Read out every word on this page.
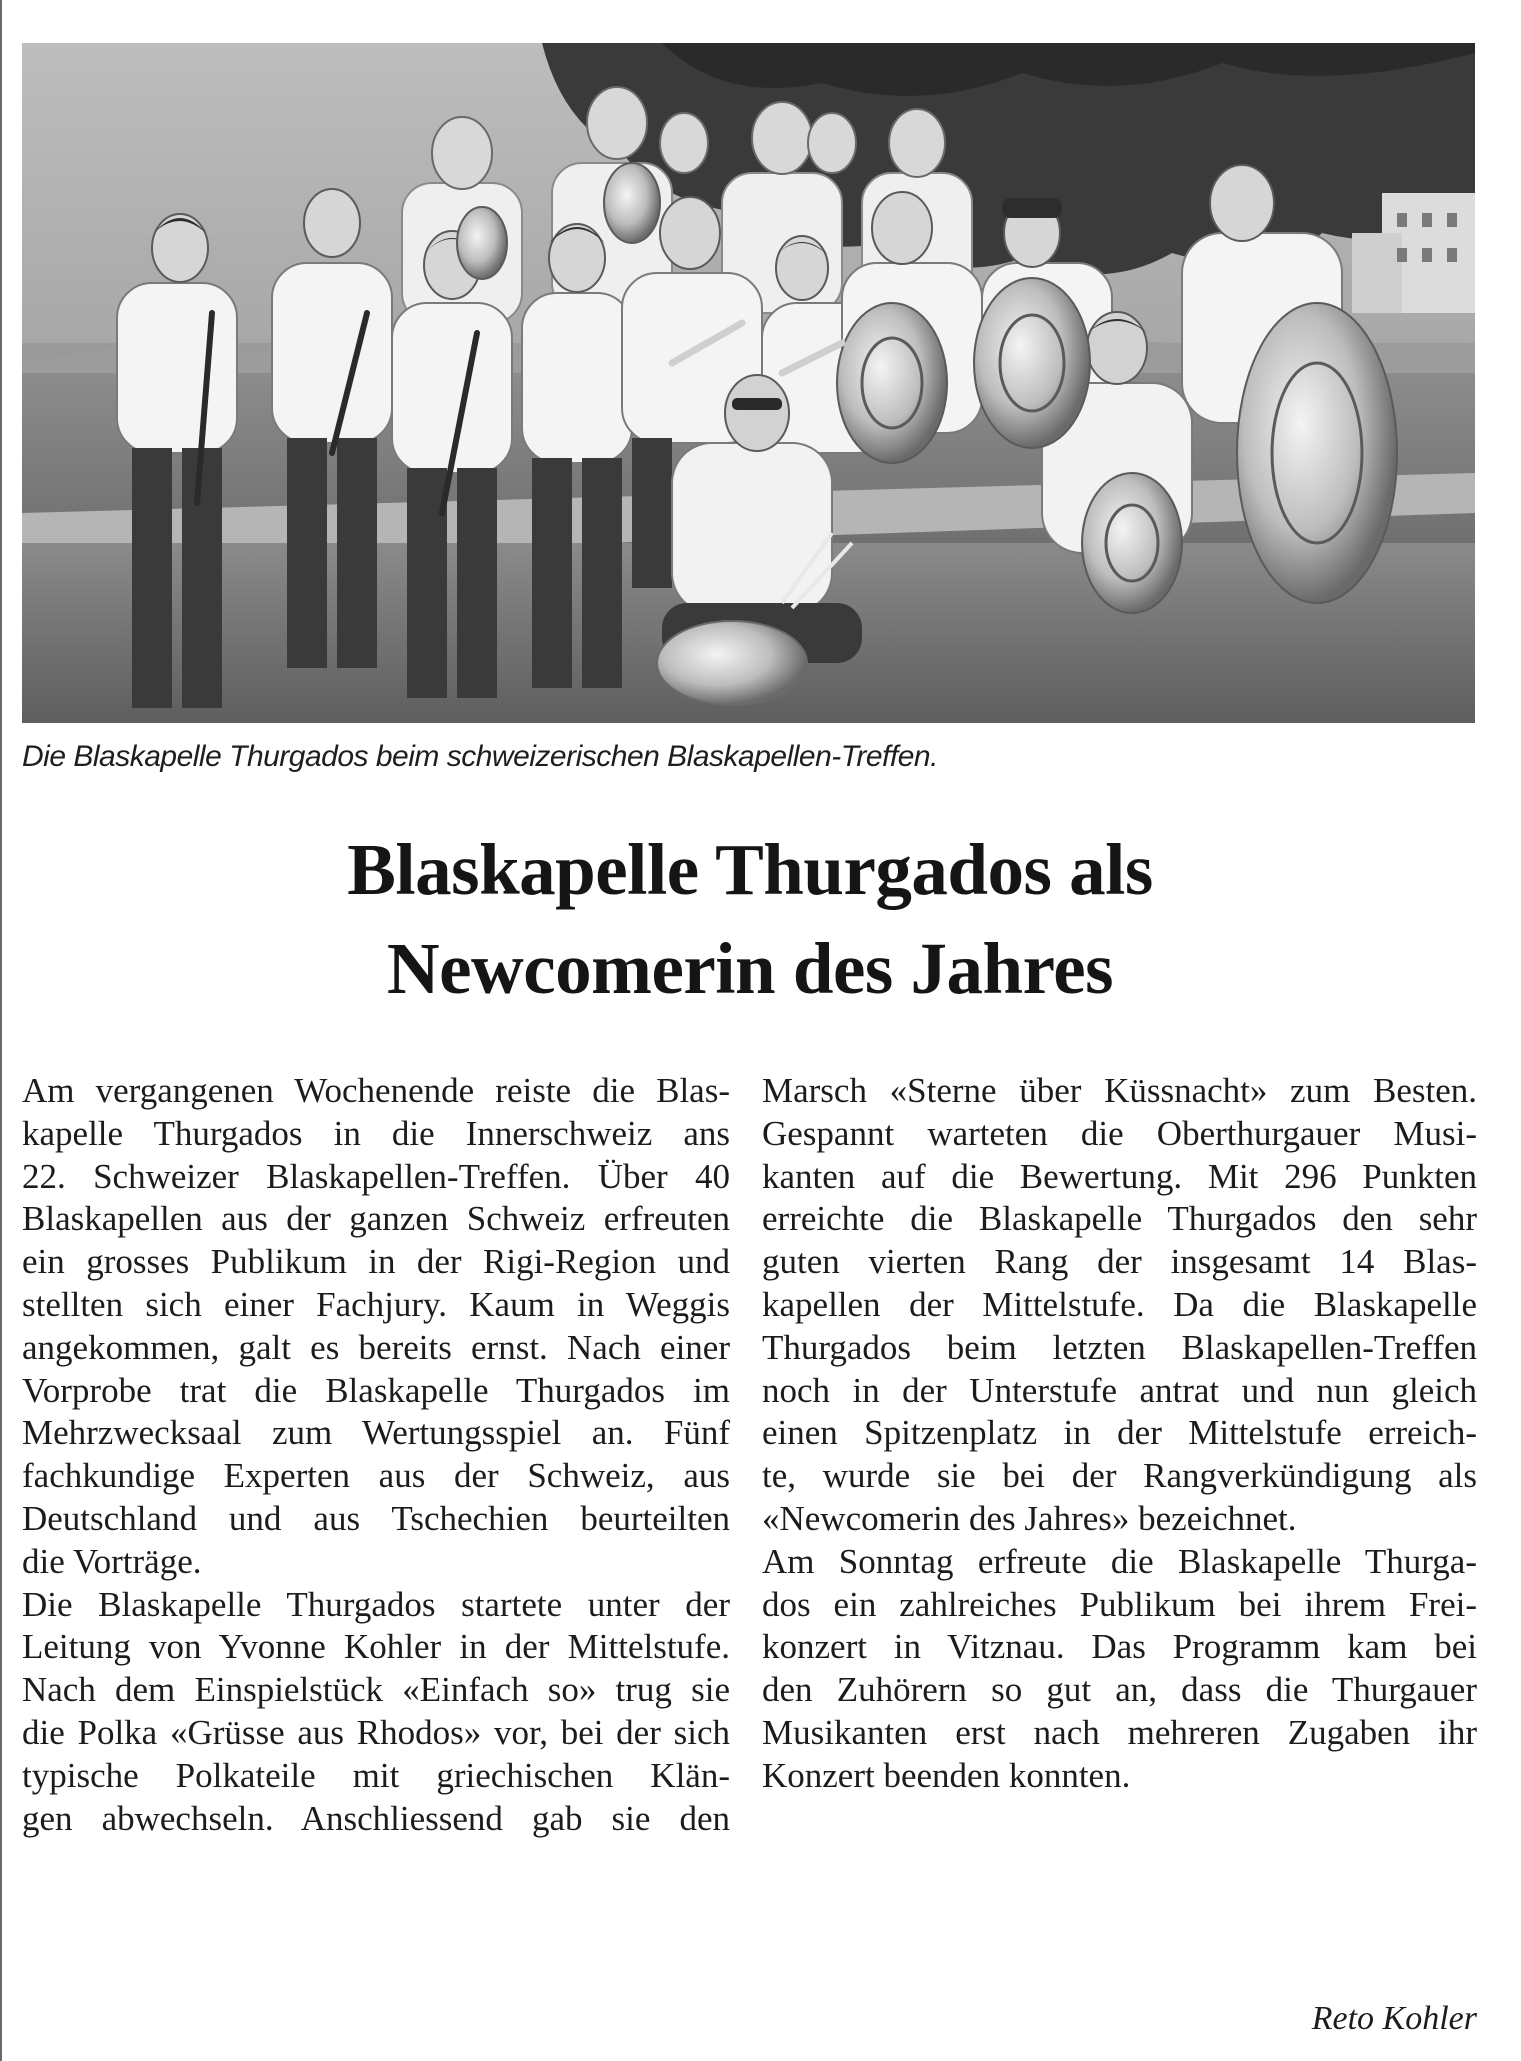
Die Blaskapelle Thurgados beim schweizerischen Blaskapellen-Treffen.
Blaskapelle Thurgados als
Newcomerin des Jahres
Am vergangenen Wochenende reiste die Blas-
kapelle Thurgados in die Innerschweiz ans
22. Schweizer Blaskapellen-Treffen. Über 40
Blaskapellen aus der ganzen Schweiz erfreuten
ein grosses Publikum in der Rigi-Region und
stellten sich einer Fachjury. Kaum in Weggis
angekommen, galt es bereits ernst. Nach einer
Vorprobe trat die Blaskapelle Thurgados im
Mehrzwecksaal zum Wertungsspiel an. Fünf
fachkundige Experten aus der Schweiz, aus
Deutschland und aus Tschechien beurteilten
die Vorträge.
Die Blaskapelle Thurgados startete unter der
Leitung von Yvonne Kohler in der Mittelstufe.
Nach dem Einspielstück «Einfach so» trug sie
die Polka «Grüsse aus Rhodos» vor, bei der sich
typische Polkateile mit griechischen Klän-
gen abwechseln. Anschliessend gab sie den
Marsch «Sterne über Küssnacht» zum Besten.
Gespannt warteten die Oberthurgauer Musi-
kanten auf die Bewertung. Mit 296 Punkten
erreichte die Blaskapelle Thurgados den sehr
guten vierten Rang der insgesamt 14 Blas-
kapellen der Mittelstufe. Da die Blaskapelle
Thurgados beim letzten Blaskapellen-Treffen
noch in der Unterstufe antrat und nun gleich
einen Spitzenplatz in der Mittelstufe erreich-
te, wurde sie bei der Rangverkündigung als
«Newcomerin des Jahres» bezeichnet.
Am Sonntag erfreute die Blaskapelle Thurga-
dos ein zahlreiches Publikum bei ihrem Frei-
konzert in Vitznau. Das Programm kam bei
den Zuhörern so gut an, dass die Thurgauer
Musikanten erst nach mehreren Zugaben ihr
Konzert beenden konnten.
Reto Kohler
